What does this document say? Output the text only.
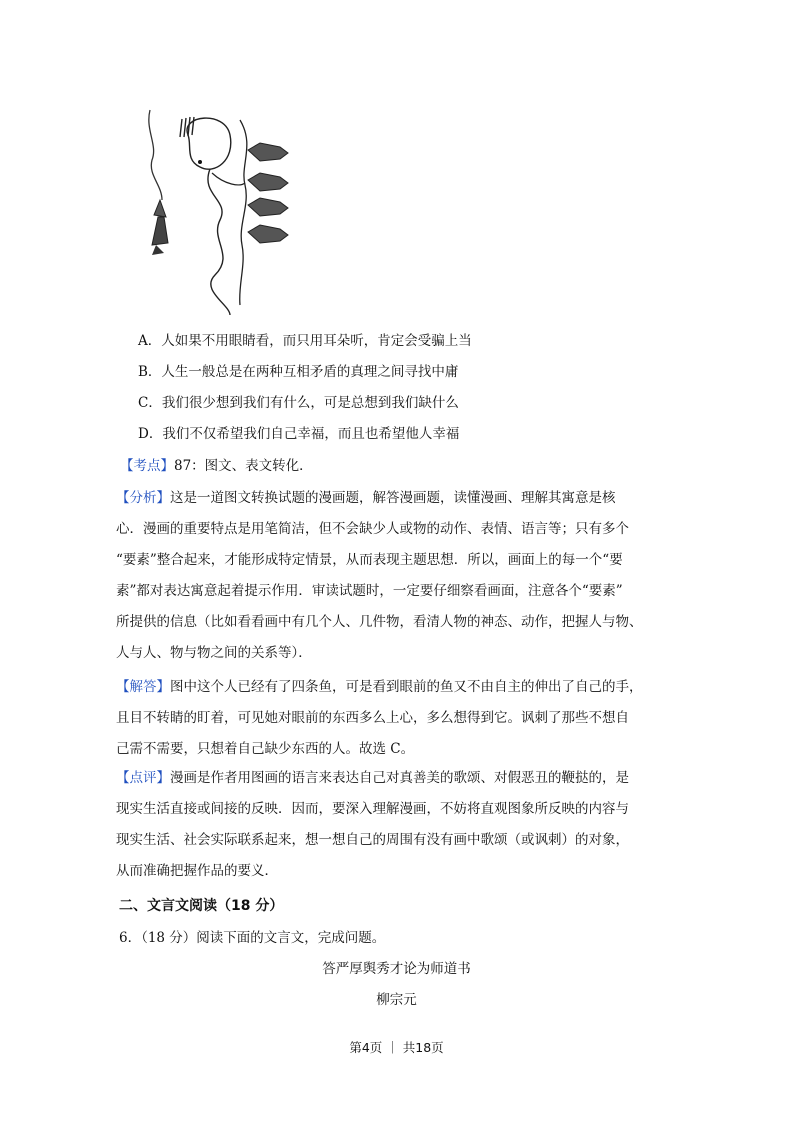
A．人如果不用眼睛看，而只用耳朵听，肯定会受骗上当
B．人生一般总是在两种互相矛盾的真理之间寻找中庸
C．我们很少想到我们有什么，可是总想到我们缺什么
D．我们不仅希望我们自己幸福，而且也希望他人幸福
【考点】87：图文、表文转化．
【分析】这是一道图文转换试题的漫画题，解答漫画题，读懂漫画、理解其寓意是核
心．漫画的重要特点是用笔简洁，但不会缺少人或物的动作、表情、语言等；只有多个
“要素”整合起来，才能形成特定情景，从而表现主题思想．所以，画面上的每一个“要
素”都对表达寓意起着提示作用．审读试题时，一定要仔细察看画面，注意各个“要素”
所提供的信息（比如看看画中有几个人、几件物，看清人物的神态、动作，把握人与物、
人与人、物与物之间的关系等）．
【解答】图中这个人已经有了四条鱼，可是看到眼前的鱼又不由自主的伸出了自己的手，
且目不转睛的盯着，可见她对眼前的东西多么上心，多么想得到它。讽刺了那些不想自
己需不需要，只想着自己缺少东西的人。故选 C。
【点评】漫画是作者用图画的语言来表达自己对真善美的歌颂、对假恶丑的鞭挞的，是
现实生活直接或间接的反映．因而，要深入理解漫画，不妨将直观图象所反映的内容与
现实生活、社会实际联系起来，想一想自己的周围有没有画中歌颂（或讽刺）的对象，
从而准确把握作品的要义．
二、文言文阅读（18 分）
6．（18 分）阅读下面的文言文，完成问题。
答严厚舆秀才论为师道书
柳宗元
第4页 ｜ 共18页
